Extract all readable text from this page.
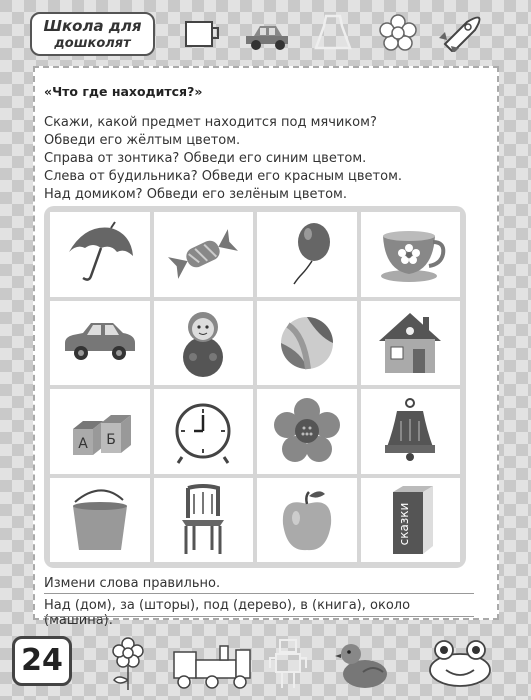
Школа для
дошколят
«Что где находится?»
Скажи, какой предмет находится под мячиком?
Обведи его жёлтым цветом.
Справа от зонтика? Обведи его синим цветом.
Слева от будильника? Обведи его красным цветом.
Над домиком? Обведи его зелёным цветом.
А Б
сказки
Измени слова правильно.
Над (дом), за (шторы), под (дерево), в (книга), около (машина).
24
